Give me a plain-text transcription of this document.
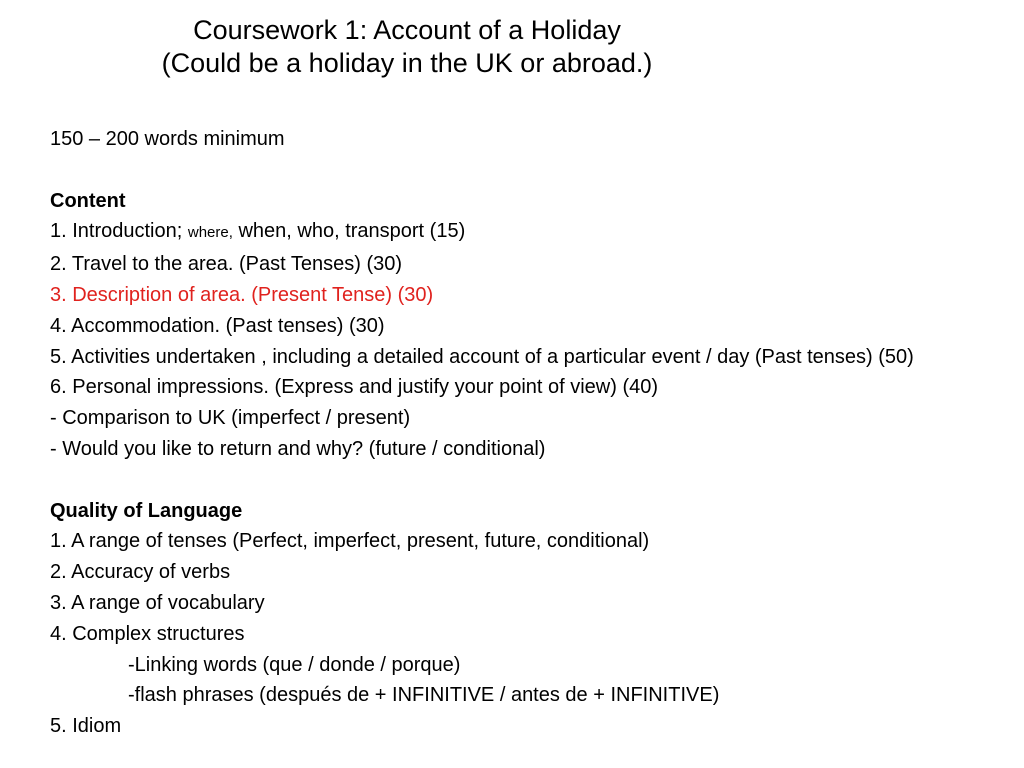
Coursework 1: Account of a Holiday
(Could be a holiday in the UK or abroad.)
150 – 200 words minimum
Content
1. Introduction; where, when, who, transport (15)
2. Travel to the area. (Past Tenses) (30)
3. Description of area. (Present Tense) (30)
4. Accommodation. (Past tenses) (30)
5. Activities undertaken , including a detailed account of a particular event / day (Past tenses) (50)
6. Personal impressions. (Express and justify your point of view) (40)
- Comparison to UK (imperfect / present)
- Would you like to return and why? (future / conditional)
Quality of Language
1. A range of tenses (Perfect, imperfect, present, future, conditional)
2. Accuracy of verbs
3. A range of vocabulary
4. Complex structures
-Linking words (que / donde / porque)
-flash phrases (después de + INFINITIVE / antes de + INFINITIVE)
5. Idiom
